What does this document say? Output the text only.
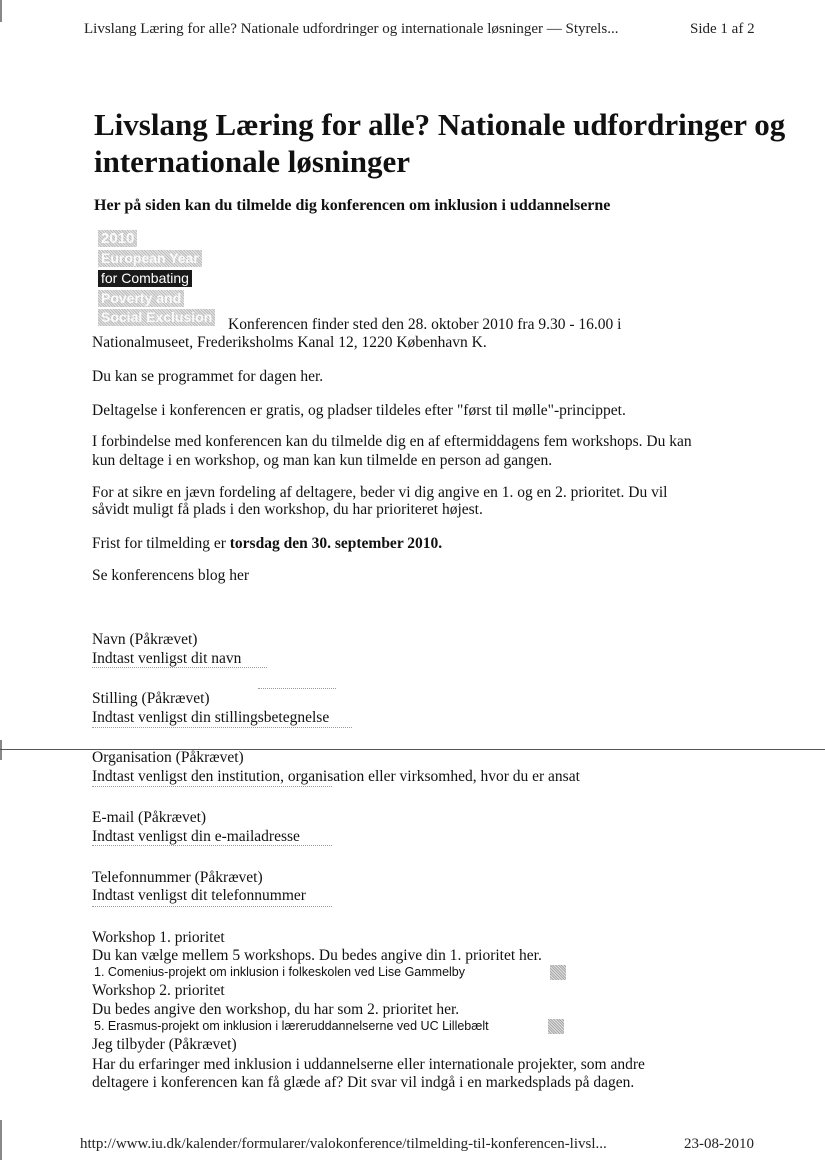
Livslang Læring for alle? Nationale udfordringer og internationale løsninger — Styrels...	Side 1 af 2
Livslang Læring for alle? Nationale udfordringer og internationale løsninger
Her på siden kan du tilmelde dig konferencen om inklusion i uddannelserne
2010
European Year
for Combating
Poverty and
Social Exclusion Konferencen finder sted den 28. oktober 2010 fra 9.30 - 16.00 i
Nationalmuseet, Frederiksholms Kanal 12, 1220 København K.
Du kan se programmet for dagen her.
Deltagelse i konferencen er gratis, og pladser tildeles efter "først til mølle"-princippet.
I forbindelse med konferencen kan du tilmelde dig en af eftermiddagens fem workshops. Du kan
kun deltage i en workshop, og man kan kun tilmelde en person ad gangen.
For at sikre en jævn fordeling af deltagere, beder vi dig angive en 1. og en 2. prioritet. Du vil
såvidt muligt få plads i den workshop, du har prioriteret højest.
Frist for tilmelding er torsdag den 30. september 2010.
Se konferencens blog her
Navn (Påkrævet)
Indtast venligst dit navn
Stilling (Påkrævet)
Indtast venligst din stillingsbetegnelse
Organisation (Påkrævet)
Indtast venligst den institution, organisation eller virksomhed, hvor du er ansat
E-mail (Påkrævet)
Indtast venligst din e-mailadresse
Telefonnummer (Påkrævet)
Indtast venligst dit telefonnummer
Workshop 1. prioritet
Du kan vælge mellem 5 workshops. Du bedes angive din 1. prioritet her.
1. Comenius-projekt om inklusion i folkeskolen ved Lise Gammelby
Workshop 2. prioritet
Du bedes angive den workshop, du har som 2. prioritet her.
5. Erasmus-projekt om inklusion i læreruddannelserne ved UC Lillebælt
Jeg tilbyder (Påkrævet)
Har du erfaringer med inklusion i uddannelserne eller internationale projekter, som andre
deltagere i konferencen kan få glæde af? Dit svar vil indgå i en markedsplads på dagen.
http://www.iu.dk/kalender/formularer/valokonference/tilmelding-til-konferencen-livsl...	23-08-2010
